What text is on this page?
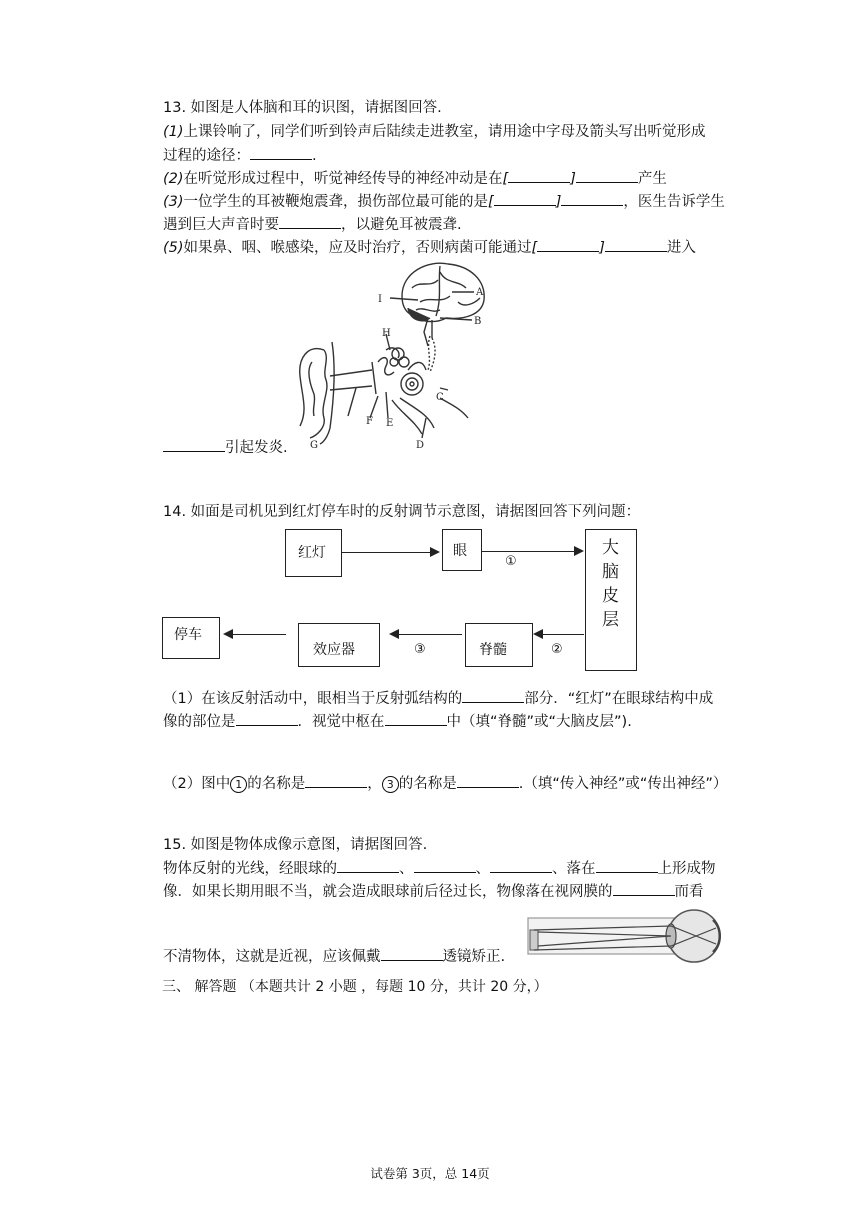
13. 如图是人体脑和耳的识图，请据图回答.
(1)上课铃响了，同学们听到铃声后陆续走进教室，请用途中字母及箭头写出听觉形成
过程的途径：	.
(2)在听觉形成过程中，听觉神经传导的神经冲动是在[	]	产生
(3)一位学生的耳被鞭炮震聋，损伤部位最可能的是[	]	，医生告诉学生
遇到巨大声音时要	，以避免耳被震聋.
(5)如果鼻、咽、喉感染，应及时治疗，否则病菌可能通过[	]	进入
I
A
B
H
C
F E
G	D
引起发炎.
14. 如面是司机见到红灯停车时的反射调节示意图，请据图回答下列问题：
红灯	眼
①
大
脑
皮
层
②
脊髓
③
效应器
停车
（1）在该反射活动中，眼相当于反射弧结构的	部分．“红灯”在眼球结构中成
像的部位是	．视觉中枢在	中（填“脊髓”或“大脑皮层”).
（2）图中 1 的名称是	， 3 的名称是	.（填“传入神经”或“传出神经”）
15. 如图是物体成像示意图，请据图回答.
物体反射的光线，经眼球的	、	、	、落在	上形成物
像．如果长期用眼不当，就会造成眼球前后径过长，物像落在视网膜的	而看
不清物体，这就是近视，应该佩戴	透镜矫正.
三、 解答题 （本题共计 2 小题 ，每题 10 分，共计 20 分，）
试卷第 3页，总 14页
